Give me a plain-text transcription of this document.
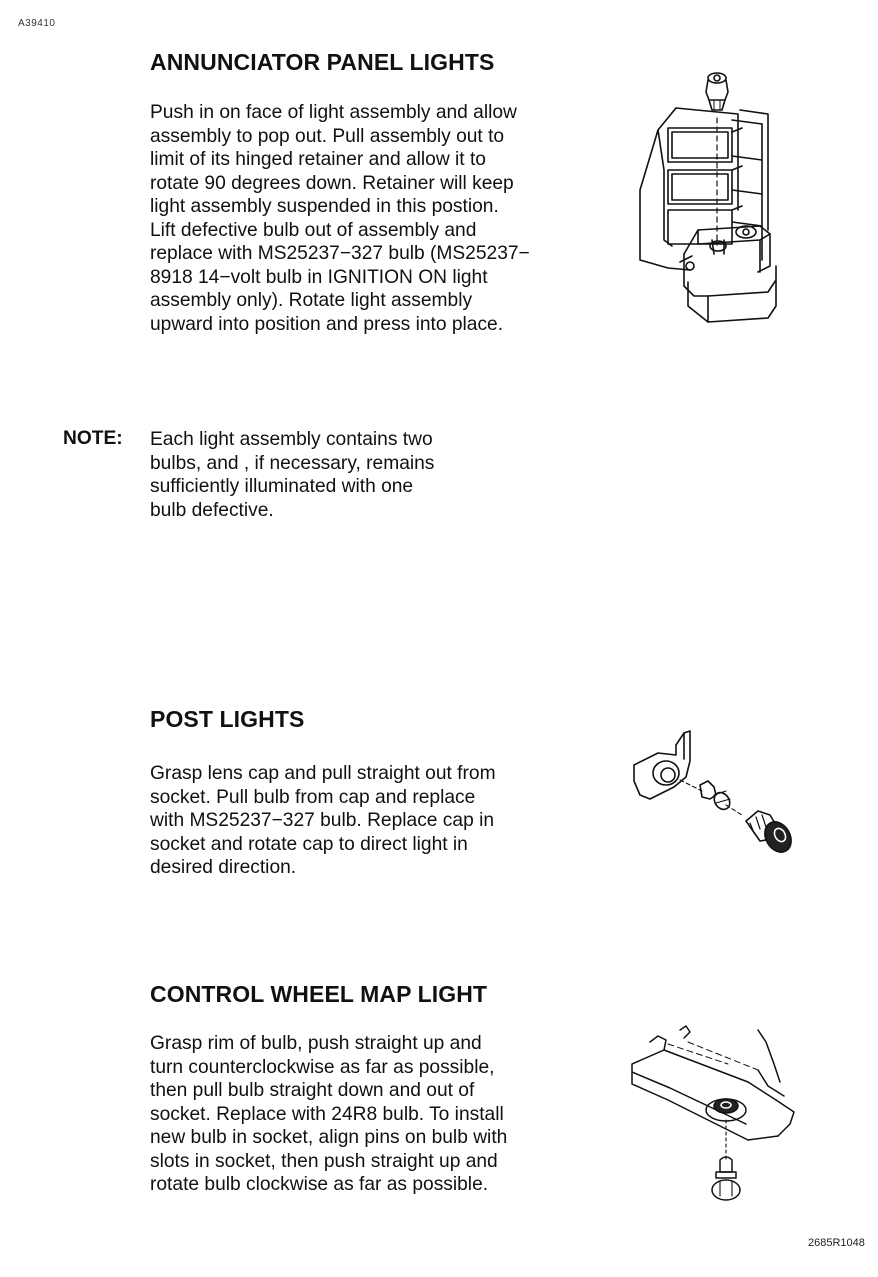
A39410
ANNUNCIATOR PANEL LIGHTS
Push in on face of light assembly and allow
assembly to pop out. Pull assembly out to
limit of its hinged retainer and allow it to
rotate 90 degrees down. Retainer will keep
light assembly suspended in this postion.
Lift defective bulb out of assembly and
replace with MS25237−327 bulb (MS25237−
8918 14−volt bulb in IGNITION ON light
assembly only). Rotate light assembly
upward into position and press into place.
NOTE: Each light assembly contains two
bulbs, and , if necessary, remains
sufficiently illuminated with one
bulb defective.
POST LIGHTS
Grasp lens cap and pull straight out from
socket. Pull bulb from cap and replace
with MS25237−327 bulb. Replace cap in
socket and rotate cap to direct light in
desired direction.
CONTROL WHEEL MAP LIGHT
Grasp rim of bulb, push straight up and
turn counterclockwise as far as possible,
then pull bulb straight down and out of
socket. Replace with 24R8 bulb. To install
new bulb in socket, align pins on bulb with
slots in socket, then push straight up and
rotate bulb clockwise as far as possible.
2685R1048
